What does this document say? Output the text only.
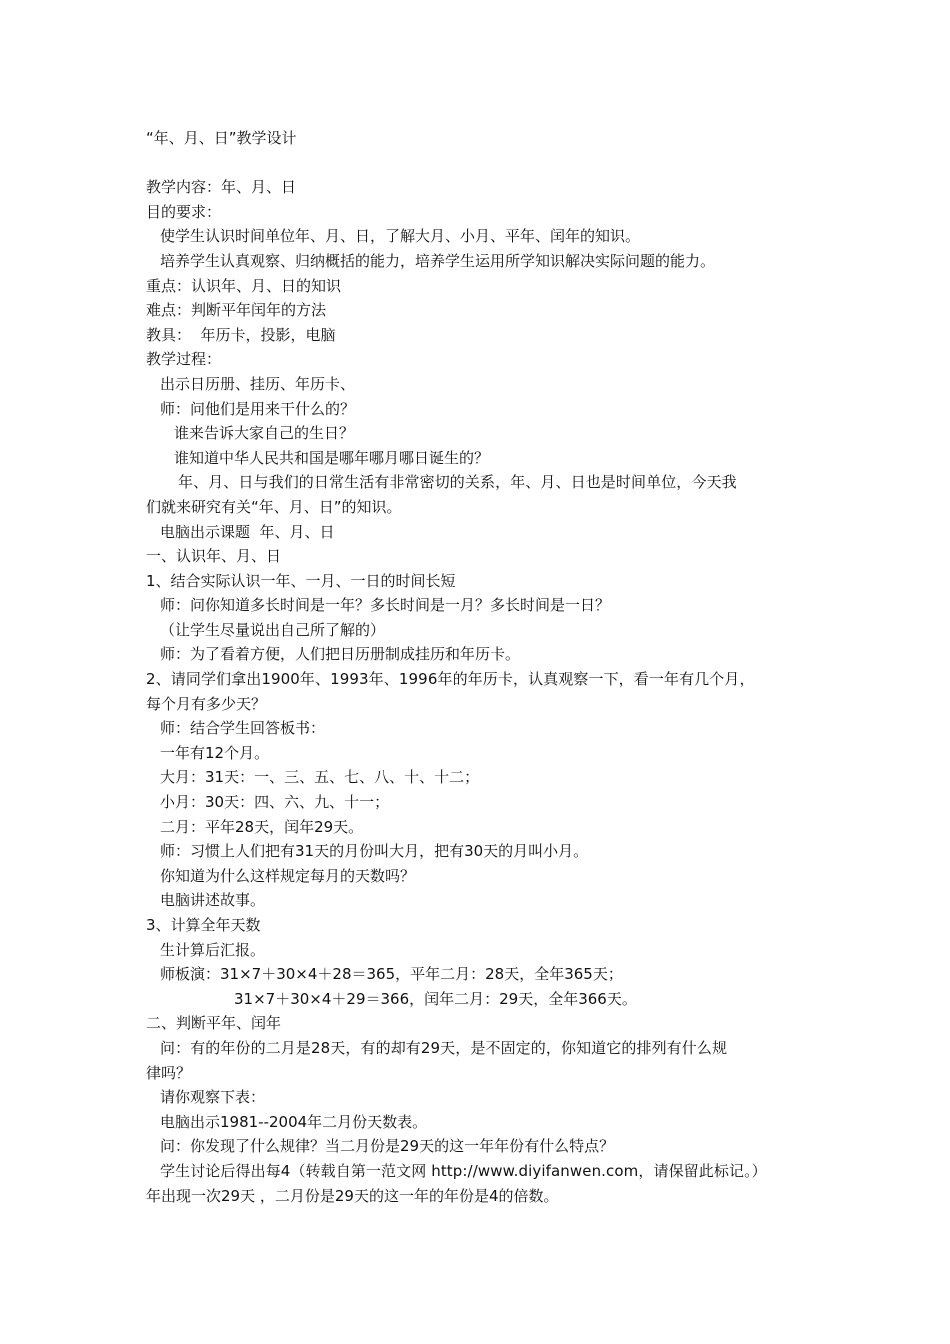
“年、月、日”教学设计

教学内容：年、月、日

目的要求：

使学生认识时间单位年、月、日，了解大月、小月、平年、闰年的知识。

培养学生认真观察、归纳概括的能力，培养学生运用所学知识解决实际问题的能力。

重点：认识年、月、日的知识

难点：判断平年闰年的方法

教具：  年历卡，投影，电脑

教学过程：

出示日历册、挂历、年历卡、

师：问他们是用来干什么的？

谁来告诉大家自己的生日？

谁知道中华人民共和国是哪年哪月哪日诞生的？

年、月、日与我们的日常生活有非常密切的关系，年、月、日也是时间单位，今天我

们就来研究有关“年、月、日”的知识。

电脑出示课题  年、月、日

一、认识年、月、日

1、结合实际认识一年、一月、一日的时间长短

师：问你知道多长时间是一年？多长时间是一月？多长时间是一日？

（让学生尽量说出自己所了解的）

师：为了看着方便，人们把日历册制成挂历和年历卡。

2、请同学们拿出1900年、1993年、1996年的年历卡，认真观察一下，看一年有几个月，

每个月有多少天？

师：结合学生回答板书：

一年有12个月。

大月：31天：一、三、五、七、八、十、十二；

小月：30天：四、六、九、十一；

二月：平年28天，闰年29天。

师：习惯上人们把有31天的月份叫大月，把有30天的月叫小月。

你知道为什么这样规定每月的天数吗？

电脑讲述故事。

3、计算全年天数

生计算后汇报。

师板演：31×7＋30×4＋28＝365，平年二月：28天，全年365天；

31×7＋30×4＋29＝366，闰年二月：29天，全年366天。

二、判断平年、闰年

问：有的年份的二月是28天，有的却有29天，是不固定的，你知道它的排列有什么规

律吗？

请你观察下表：

电脑出示1981--2004年二月份天数表。

问：你发现了什么规律？当二月份是29天的这一年年份有什么特点？

学生讨论后得出每4（转载自第一范文网 http://www.diyifanwen.com，请保留此标记。）

年出现一次29天 ，二月份是29天的这一年的年份是4的倍数。
